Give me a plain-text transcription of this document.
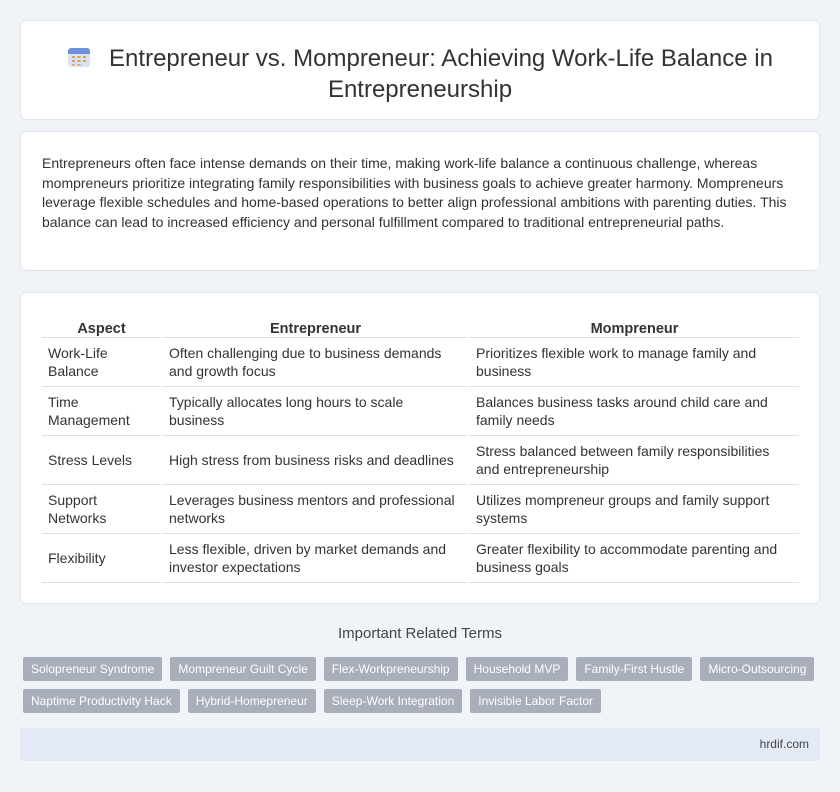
Entrepreneur vs. Mompreneur: Achieving Work-Life Balance in Entrepreneurship

Entrepreneurs often face intense demands on their time, making work-life balance a continuous challenge, whereas mompreneurs prioritize integrating family responsibilities with business goals to achieve greater harmony. Mompreneurs leverage flexible schedules and home-based operations to better align professional ambitions with parenting duties. This balance can lead to increased efficiency and personal fulfillment compared to traditional entrepreneurial paths.

Aspect	Entrepreneur	Mompreneur
Work-Life Balance	Often challenging due to business demands and growth focus	Prioritizes flexible work to manage family and business
Time Management	Typically allocates long hours to scale business	Balances business tasks around child care and family needs
Stress Levels	High stress from business risks and deadlines	Stress balanced between family responsibilities and entrepreneurship
Support Networks	Leverages business mentors and professional networks	Utilizes mompreneur groups and family support systems
Flexibility	Less flexible, driven by market demands and investor expectations	Greater flexibility to accommodate parenting and business goals
Important Related Terms
Solopreneur Syndrome	Mompreneur Guilt Cycle	Flex-Workpreneurship	Household MVP	Family-First Hustle	Micro-Outsourcing
Naptime Productivity Hack	Hybrid-Homepreneur	Sleep-Work Integration	Invisible Labor Factor
hrdif.com
